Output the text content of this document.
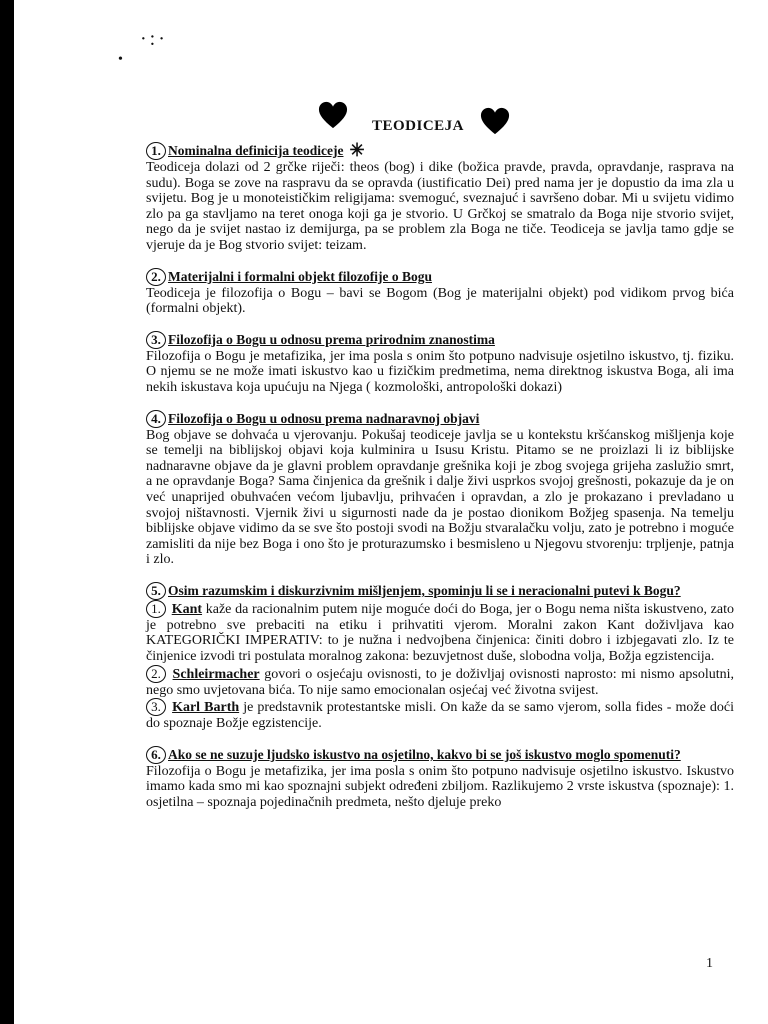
·:·
•
TEODICEJA
1. Nominalna definicija teodiceje ✳

Teodiceja dolazi od 2 grčke riječi: theos (bog) i dike (božica pravde, pravda, opravdanje, rasprava na sudu). Boga se zove na raspravu da se opravda (iustificatio Dei) pred nama jer je dopustio da ima zla u svijetu. Bog je u monoteističkim religijama: svemoguć, sveznajuć i savršeno dobar. Mi u svijetu vidimo zlo pa ga stavljamo na teret onoga koji ga je stvorio. U Grčkoj se smatralo da Boga nije stvorio svijet, nego da je svijet nastao iz demijurga, pa se problem zla Boga ne tiče. Teodiceja se javlja tamo gdje se vjeruje da je Bog stvorio svijet: teizam.

2. Materijalni i formalni objekt filozofije o Bogu

Teodiceja je filozofija o Bogu – bavi se Bogom (Bog je materijalni objekt) pod vidikom prvog bića (formalni objekt).

3. Filozofija o Bogu u odnosu prema prirodnim znanostima

Filozofija o Bogu je metafizika, jer ima posla s onim što potpuno nadvisuje osjetilno iskustvo, tj. fiziku. O njemu se ne može imati iskustvo kao u fizičkim predmetima, nema direktnog iskustva Boga, ali ima nekih iskustava koja upućuju na Njega ( kozmološki, antropološki dokazi)

4. Filozofija o Bogu u odnosu prema nadnaravnoj objavi

Bog objave se dohvaća u vjerovanju. Pokušaj teodiceje javlja se u kontekstu kršćanskog mišljenja koje se temelji na biblijskoj objavi koja kulminira u Isusu Kristu. Pitamo se ne proizlazi li iz biblijske nadnaravne objave da je glavni problem opravdanje grešnika koji je zbog svojega grijeha zaslužio smrt, a ne opravdanje Boga? Sama činjenica da grešnik i dalje živi usprkos svojoj grešnosti, pokazuje da je on već unaprijed obuhvaćen većom ljubavlju, prihvaćen i opravdan, a zlo je prokazano i prevladano u svojoj ništavnosti. Vjernik živi u sigurnosti nade da je postao dionikom Božjeg spasenja. Na temelju biblijske objave vidimo da se sve što postoji svodi na Božju stvaralačku volju, zato je potrebno i moguće zamisliti da nije bez Boga i ono što je proturazumsko i besmisleno u Njegovu stvorenju: trpljenje, patnja i zlo.

5. Osim razumskim i diskurzivnim mišljenjem, spominju li se i neracionalni putevi k Bogu?

1. Kant kaže da racionalnim putem nije moguće doći do Boga, jer o Bogu nema ništa iskustveno, zato je potrebno sve prebaciti na etiku i prihvatiti vjerom. Moralni zakon Kant doživljava kao KATEGORIČKI IMPERATIV: to je nužna i nedvojbena činjenica: činiti dobro i izbjegavati zlo. Iz te činjenice izvodi tri postulata moralnog zakona: bezuvjetnost duše, slobodna volja, Božja egzistencija.

2. Schleirmacher govori o osjećaju ovisnosti, to je doživljaj ovisnosti naprosto: mi nismo apsolutni, nego smo uvjetovana bića. To nije samo emocionalan osjećaj već životna svijest.

3. Karl Barth je predstavnik protestantske misli. On kaže da se samo vjerom, solla fides - može doći do spoznaje Božje egzistencije.

6. Ako se ne suzuje ljudsko iskustvo na osjetilno, kakvo bi se još iskustvo moglo spomenuti?

Filozofija o Bogu je metafizika, jer ima posla s onim što potpuno nadvisuje osjetilno iskustvo. Iskustvo imamo kada smo mi kao spoznajni subjekt određeni zbiljom. Razlikujemo 2 vrste iskustva (spoznaje): 1. osjetilna – spoznaja pojedinačnih predmeta, nešto djeluje preko

1
